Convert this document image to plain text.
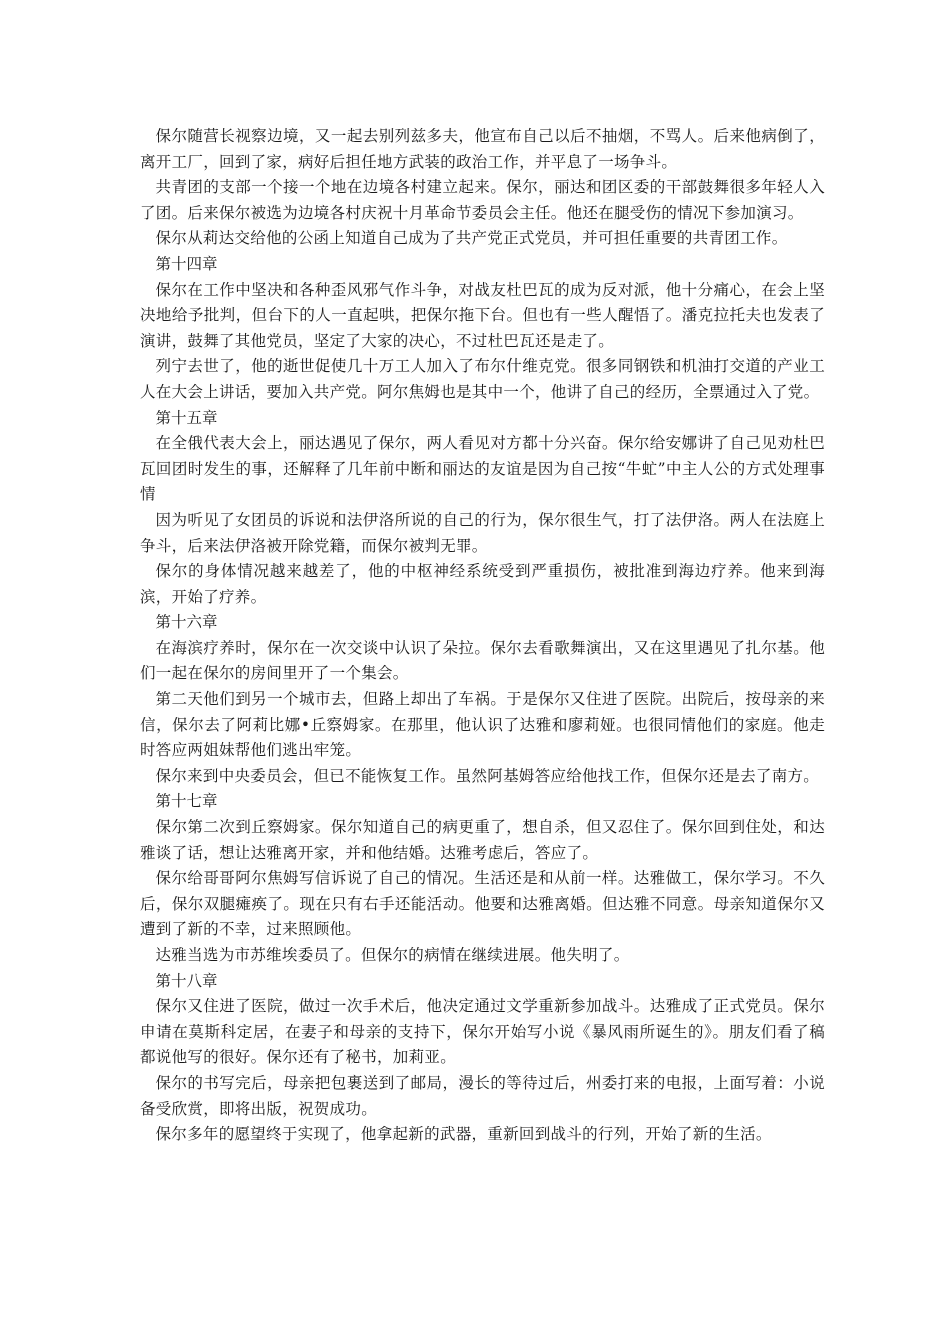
保尔随营长视察边境，又一起去别列兹多夫，他宣布自己以后不抽烟，不骂人。后来他病倒了，离开工厂，回到了家，病好后担任地方武装的政治工作，并平息了一场争斗。

共青团的支部一个接一个地在边境各村建立起来。保尔，丽达和团区委的干部鼓舞很多年轻人入了团。后来保尔被选为边境各村庆祝十月革命节委员会主任。他还在腿受伤的情况下参加演习。

保尔从莉达交给他的公函上知道自己成为了共产党正式党员，并可担任重要的共青团工作。

第十四章

保尔在工作中坚决和各种歪风邪气作斗争，对战友杜巴瓦的成为反对派，他十分痛心，在会上坚决地给予批判，但台下的人一直起哄，把保尔拖下台。但也有一些人醒悟了。潘克拉托夫也发表了演讲，鼓舞了其他党员，坚定了大家的决心，不过杜巴瓦还是走了。

列宁去世了，他的逝世促使几十万工人加入了布尔什维克党。很多同钢铁和机油打交道的产业工人在大会上讲话，要加入共产党。阿尔焦姆也是其中一个，他讲了自己的经历，全票通过入了党。

第十五章

在全俄代表大会上，丽达遇见了保尔，两人看见对方都十分兴奋。保尔给安娜讲了自己见劝杜巴瓦回团时发生的事，还解释了几年前中断和丽达的友谊是因为自己按“牛虻”中主人公的方式处理事情

因为听见了女团员的诉说和法伊洛所说的自己的行为，保尔很生气，打了法伊洛。两人在法庭上争斗，后来法伊洛被开除党籍，而保尔被判无罪。

保尔的身体情况越来越差了，他的中枢神经系统受到严重损伤，被批准到海边疗养。他来到海滨，开始了疗养。

第十六章

在海滨疗养时，保尔在一次交谈中认识了朵拉。保尔去看歌舞演出，又在这里遇见了扎尔基。他们一起在保尔的房间里开了一个集会。

第二天他们到另一个城市去，但路上却出了车祸。于是保尔又住进了医院。出院后，按母亲的来信，保尔去了阿莉比娜•丘察姆家。在那里，他认识了达雅和廖莉娅。也很同情他们的家庭。他走时答应两姐妹帮他们逃出牢笼。

保尔来到中央委员会，但已不能恢复工作。虽然阿基姆答应给他找工作，但保尔还是去了南方。

第十七章

保尔第二次到丘察姆家。保尔知道自己的病更重了，想自杀，但又忍住了。保尔回到住处，和达雅谈了话，想让达雅离开家，并和他结婚。达雅考虑后，答应了。

保尔给哥哥阿尔焦姆写信诉说了自己的情况。生活还是和从前一样。达雅做工，保尔学习。不久后，保尔双腿瘫痪了。现在只有右手还能活动。他要和达雅离婚。但达雅不同意。母亲知道保尔又遭到了新的不幸，过来照顾他。

达雅当选为市苏维埃委员了。但保尔的病情在继续进展。他失明了。

第十八章

保尔又住进了医院，做过一次手术后，他决定通过文学重新参加战斗。达雅成了正式党员。保尔申请在莫斯科定居，在妻子和母亲的支持下，保尔开始写小说《暴风雨所诞生的》。朋友们看了稿都说他写的很好。保尔还有了秘书，加莉亚。

保尔的书写完后，母亲把包裹送到了邮局，漫长的等待过后，州委打来的电报，上面写着：小说备受欣赏，即将出版，祝贺成功。

保尔多年的愿望终于实现了，他拿起新的武器，重新回到战斗的行列，开始了新的生活。
